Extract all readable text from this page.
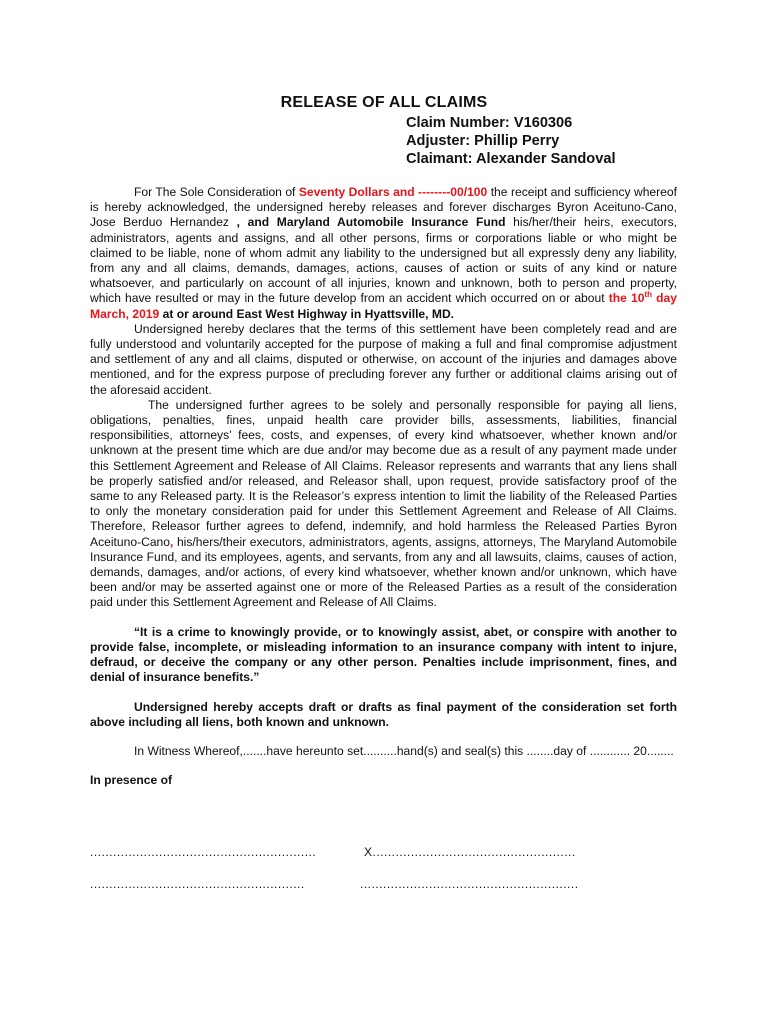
RELEASE OF ALL CLAIMS
Claim Number: V160306
Adjuster: Phillip Perry
Claimant: Alexander Sandoval

For The Sole Consideration of Seventy Dollars and --------00/100 the receipt and sufficiency whereof is hereby acknowledged, the undersigned hereby releases and forever discharges Byron Aceituno-Cano, Jose Berduo Hernandez , and Maryland Automobile Insurance Fund his/her/their heirs, executors, administrators, agents and assigns, and all other persons, firms or corporations liable or who might be claimed to be liable, none of whom admit any liability to the undersigned but all expressly deny any liability, from any and all claims, demands, damages, actions, causes of action or suits of any kind or nature whatsoever, and particularly on account of all injuries, known and unknown, both to person and property, which have resulted or may in the future develop from an accident which occurred on or about the 10th day March, 2019 at or around East West Highway in Hyattsville, MD.

Undersigned hereby declares that the terms of this settlement have been completely read and are fully understood and voluntarily accepted for the purpose of making a full and final compromise adjustment and settlement of any and all claims, disputed or otherwise, on account of the injuries and damages above mentioned, and for the express purpose of precluding forever any further or additional claims arising out of the aforesaid accident.

The undersigned further agrees to be solely and personally responsible for paying all liens, obligations, penalties, fines, unpaid health care provider bills, assessments, liabilities, financial responsibilities, attorneys’ fees, costs, and expenses, of every kind whatsoever, whether known and/or unknown at the present time which are due and/or may become due as a result of any payment made under this Settlement Agreement and Release of All Claims. Releasor represents and warrants that any liens shall be properly satisfied and/or released, and Releasor shall, upon request, provide satisfactory proof of the same to any Released party. It is the Releasor’s express intention to limit the liability of the Released Parties to only the monetary consideration paid for under this Settlement Agreement and Release of All Claims. Therefore, Releasor further agrees to defend, indemnify, and hold harmless the Released Parties Byron Aceituno-Cano, his/hers/their executors, administrators, agents, assigns, attorneys, The Maryland Automobile Insurance Fund, and its employees, agents, and servants, from any and all lawsuits, claims, causes of action, demands, damages, and/or actions, of every kind whatsoever, whether known and/or unknown, which have been and/or may be asserted against one or more of the Released Parties as a result of the consideration paid under this Settlement Agreement and Release of All Claims.

“It is a crime to knowingly provide, or to knowingly assist, abet, or conspire with another to provide false, incomplete, or misleading information to an insurance company with intent to injure, defraud, or deceive the company or any other person. Penalties include imprisonment, fines, and denial of insurance benefits.”

Undersigned hereby accepts draft or drafts as final payment of the consideration set forth above including all liens, both known and unknown.

In Witness Whereof,.......have hereunto set..........hand(s) and seal(s) this ........day of ............ 20........

In presence of

...........................................................	X.....................................................
........................................................	.........................................................
